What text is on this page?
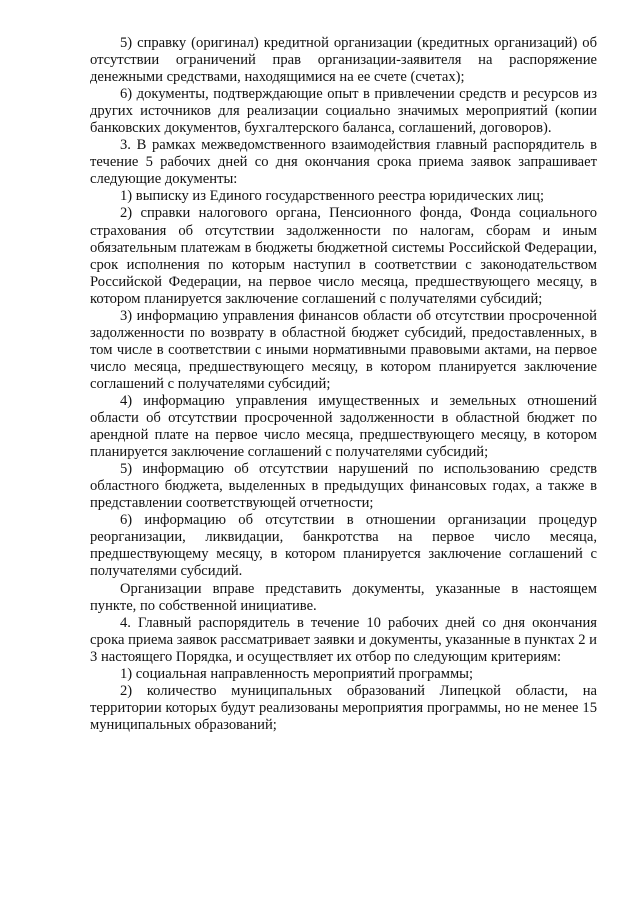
5) справку (оригинал) кредитной организации (кредитных организаций) об отсутствии ограничений прав организации-заявителя на распоряжение денежными средствами, находящимися на ее счете (счетах);

6) документы, подтверждающие опыт в привлечении средств и ресурсов из других источников для реализации социально значимых мероприятий (копии банковских документов, бухгалтерского баланса, соглашений, договоров).

3. В рамках межведомственного взаимодействия главный распорядитель в течение 5 рабочих дней со дня окончания срока приема заявок запрашивает следующие документы:

1) выписку из Единого государственного реестра юридических лиц;

2) справки налогового органа, Пенсионного фонда, Фонда социального страхования об отсутствии задолженности по налогам, сборам и иным обязательным платежам в бюджеты бюджетной системы Российской Федерации, срок исполнения по которым наступил в соответствии с законодательством Российской Федерации, на первое число месяца, предшествующего месяцу, в котором планируется заключение соглашений с получателями субсидий;

3) информацию управления финансов области об отсутствии просроченной задолженности по возврату в областной бюджет субсидий, предоставленных, в том числе в соответствии с иными нормативными правовыми актами, на первое число месяца, предшествующего месяцу, в котором планируется заключение соглашений с получателями субсидий;

4) информацию управления имущественных и земельных отношений области об отсутствии просроченной задолженности в областной бюджет по арендной плате на первое число месяца, предшествующего месяцу, в котором планируется заключение соглашений с получателями субсидий;

5) информацию об отсутствии нарушений по использованию средств областного бюджета, выделенных в предыдущих финансовых годах, а также в представлении соответствующей отчетности;

6) информацию об отсутствии в отношении организации процедур реорганизации, ликвидации, банкротства на первое число месяца, предшествующему месяцу, в котором планируется заключение соглашений с получателями субсидий.

Организации вправе представить документы, указанные в настоящем пункте, по собственной инициативе.

4. Главный распорядитель в течение 10 рабочих дней со дня окончания срока приема заявок рассматривает заявки и документы, указанные в пунктах 2 и 3 настоящего Порядка, и осуществляет их отбор по следующим критериям:

1) социальная направленность мероприятий программы;

2) количество муниципальных образований Липецкой области, на территории которых будут реализованы мероприятия программы, но не менее 15 муниципальных образований;
